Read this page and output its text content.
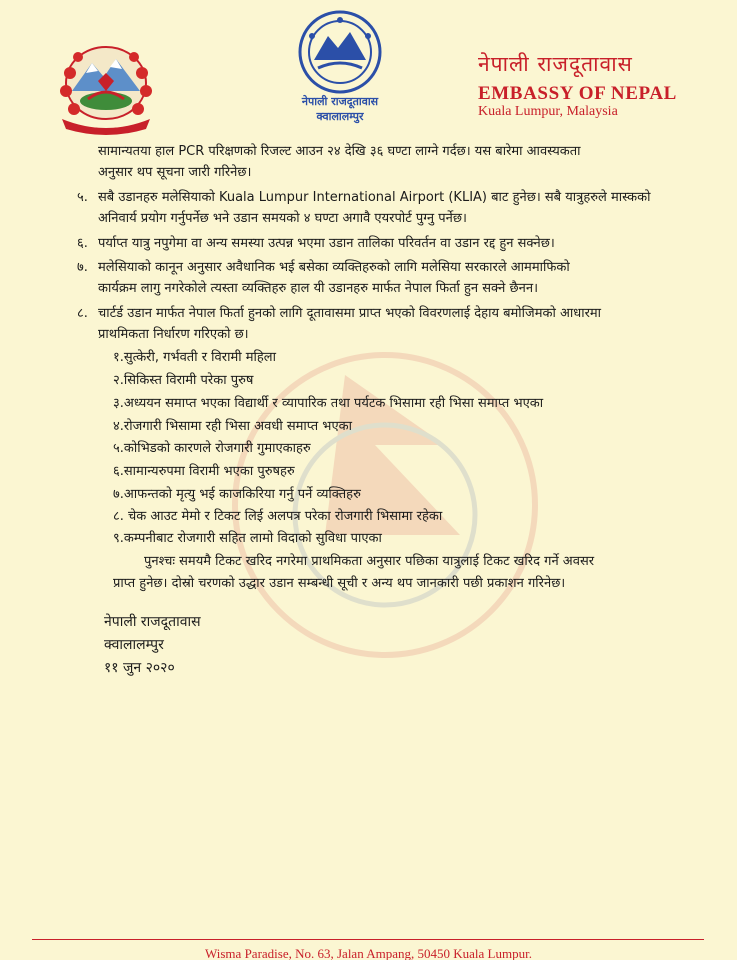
नेपाली राजदूतावास क्वालालम्पुर
नेपाली राजदूतावास
EMBASSY OF NEPAL
Kuala Lumpur, Malaysia
सामान्यतया हाल PCR परिक्षणको रिजल्ट आउन २४ देखि ३६ घण्टा लाग्ने गर्दछ। यस बारेमा आवस्यकता
अनुसार थप सूचना जारी गरिनेछ।
५. सबै उडानहरु मलेसियाको Kuala Lumpur International Airport (KLIA) बाट हुनेछ। सबै यात्रुहरुले मास्कको
अनिवार्य प्रयोग गर्नुपर्नेछ भने उडान समयको ४ घण्टा अगावै एयरपोर्ट पुग्नु पर्नेछ।
६. पर्याप्त यात्रु नपुगेमा वा अन्य समस्या उत्पन्न भएमा उडान तालिका परिवर्तन वा उडान रद्द हुन सक्नेछ।
७. मलेसियाको कानून अनुसार अवैधानिक भई बसेका व्यक्तिहरुको लागि मलेसिया सरकारले आममाफिको
कार्यक्रम लागु नगरेकोले त्यस्ता व्यक्तिहरु हाल यी उडानहरु मार्फत नेपाल फिर्ता हुन सक्ने छैनन।
८. चार्टर्ड उडान मार्फत नेपाल फिर्ता हुनको लागि दूतावासमा प्राप्त भएको विवरणलाई देहाय बमोजिमको आधारमा
प्राथमिकता निर्धारण गरिएको छ।
१.सुत्केरी, गर्भवती र विरामी महिला
२.सिकिस्त विरामी परेका पुरुष
३.अध्ययन समाप्त भएका विद्यार्थी र व्यापारिक तथा पर्यटक भिसामा रही भिसा समाप्त भएका
४.रोजगारी भिसामा रही भिसा अवधी समाप्त भएका
५.कोभिडको कारणले रोजगारी गुमाएकाहरु
६.सामान्यरुपमा विरामी भएका पुरुषहरु
७.आफन्तको मृत्यु भई काजकिरिया गर्नु पर्ने व्यक्तिहरु
८. चेक आउट मेमो र टिकट लिई अलपत्र परेका रोजगारी भिसामा रहेका
९.कम्पनीबाट रोजगारी सहित लामो विदाको सुविधा पाएका
पुनश्चः समयमै टिकट खरिद नगरेमा प्राथमिकता अनुसार पछिका यात्रुलाई टिकट खरिद गर्ने अवसर
प्राप्त हुनेछ। दोस्रो चरणको उद्धार उडान सम्बन्धी सूची र अन्य थप जानकारी पछी प्रकाशन गरिनेछ।
नेपाली राजदूतावास
क्वालालम्पुर
११ जुन २०२०
Wisma Paradise, No. 63, Jalan Ampang, 50450 Kuala Lumpur.
